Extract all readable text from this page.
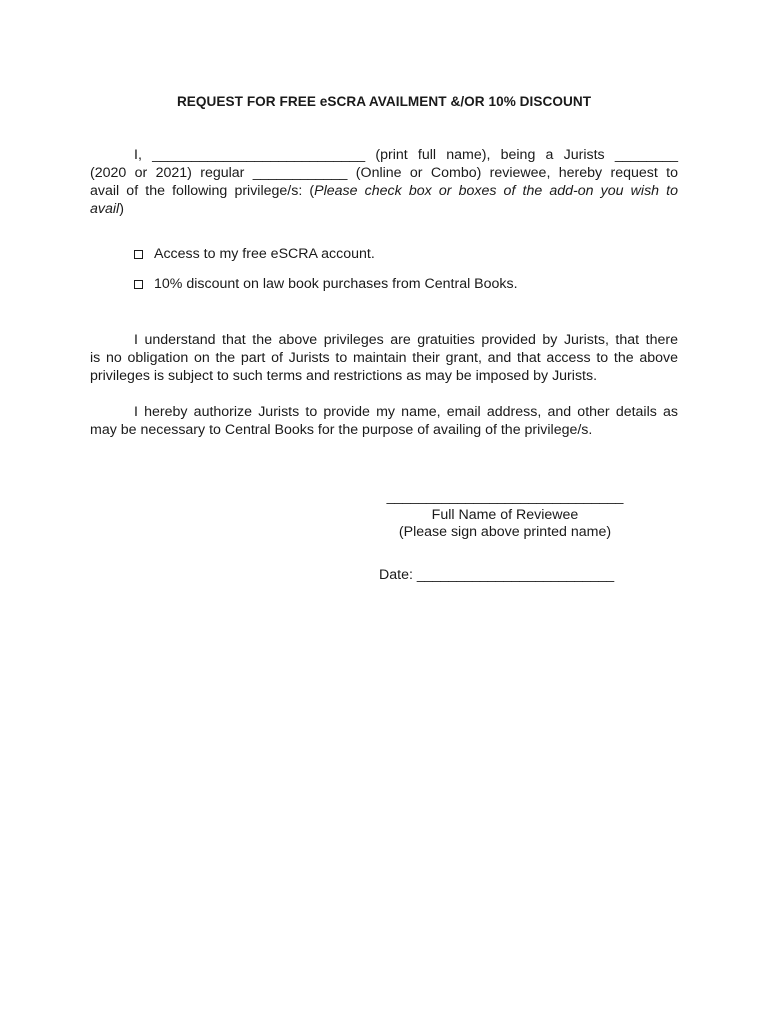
REQUEST FOR FREE eSCRA AVAILMENT &/OR 10% DISCOUNT
I, ___________________________ (print full name), being a Jurists ________
(2020 or 2021) regular ____________ (Online or Combo) reviewee, hereby request to
avail of the following privilege/s: (Please check box or boxes of the add-on you wish to
avail)
Access to my free eSCRA account.
10% discount on law book purchases from Central Books.
I understand that the above privileges are gratuities provided by Jurists, that there
is no obligation on the part of Jurists to maintain their grant, and that access to the above
privileges is subject to such terms and restrictions as may be imposed by Jurists.
I hereby authorize Jurists to provide my name, email address, and other details as
may be necessary to Central Books for the purpose of availing of the privilege/s.
______________________________
Full Name of Reviewee
(Please sign above printed name)
Date: _________________________
